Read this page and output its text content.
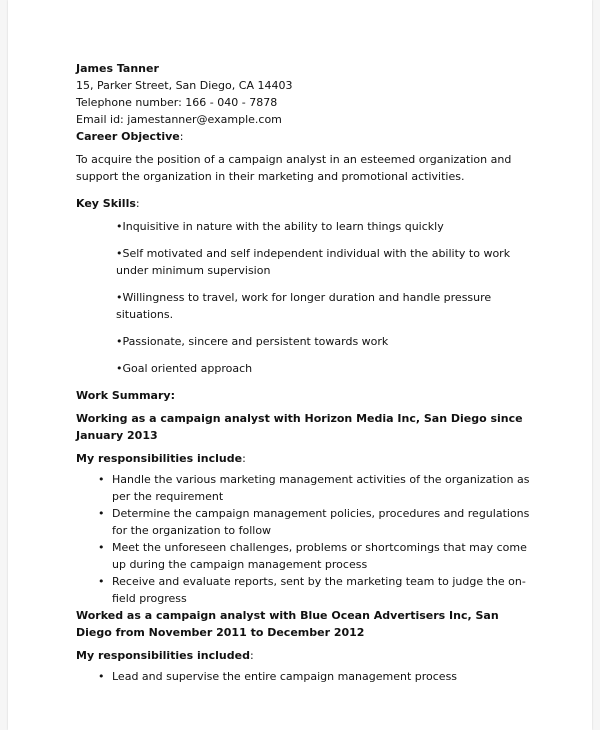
James Tanner
15, Parker Street, San Diego, CA 14403
Telephone number: 166 - 040 - 7878
Email id: jamestanner@example.com
Career Objective:
To acquire the position of a campaign analyst in an esteemed organization and support the organization in their marketing and promotional activities.
Key Skills:
•Inquisitive in nature with the ability to learn things quickly
•Self motivated and self independent individual with the ability to work under minimum supervision
•Willingness to travel, work for longer duration and handle pressure situations.
•Passionate, sincere and persistent towards work
•Goal oriented approach
Work Summary:
Working as a campaign analyst with Horizon Media Inc, San Diego since January 2013
My responsibilities include:
• Handle the various marketing management activities of the organization as per the requirement
• Determine the campaign management policies, procedures and regulations for the organization to follow
• Meet the unforeseen challenges, problems or shortcomings that may come up during the campaign management process
• Receive and evaluate reports, sent by the marketing team to judge the on-field progress
Worked as a campaign analyst with Blue Ocean Advertisers Inc, San Diego from November 2011 to December 2012
My responsibilities included:
• Lead and supervise the entire campaign management process
